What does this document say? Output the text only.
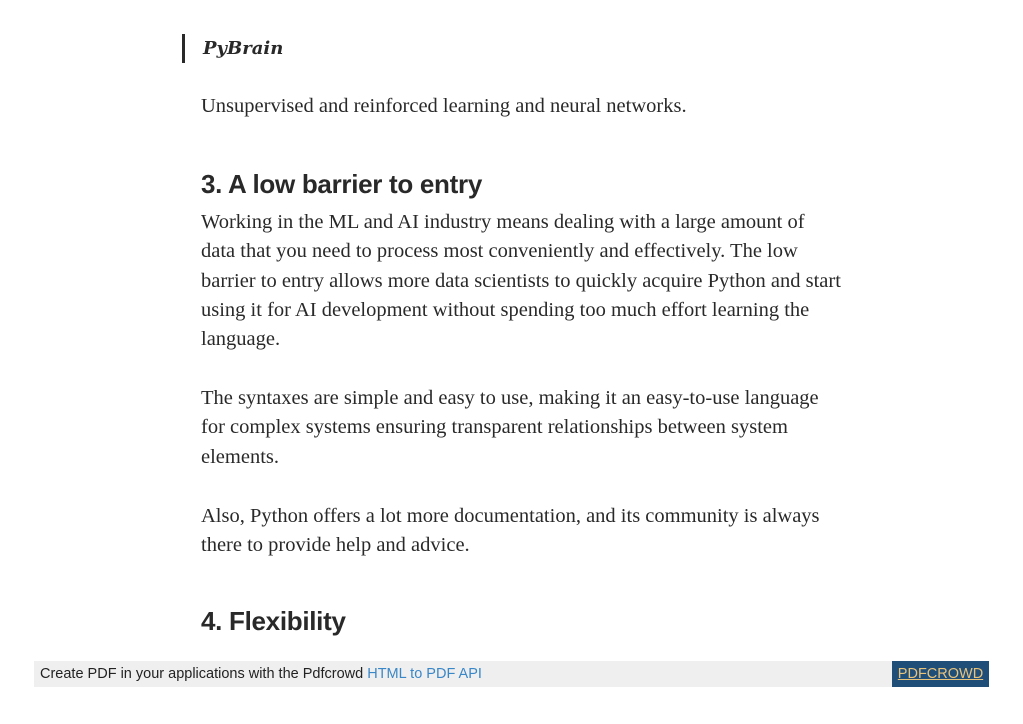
PyBrain

Unsupervised and reinforced learning and neural networks.

3. A low barrier to entry

Working in the ML and AI industry means dealing with a large amount of data that you need to process most conveniently and effectively. The low barrier to entry allows more data scientists to quickly acquire Python and start using it for AI development without spending too much effort learning the language.

The syntaxes are simple and easy to use, making it an easy-to-use language for complex systems ensuring transparent relationships between system elements.

Also, Python offers a lot more documentation, and its community is always there to provide help and advice.

4. Flexibility
Create PDF in your applications with the Pdfcrowd HTML to PDF API	PDFCROWD
